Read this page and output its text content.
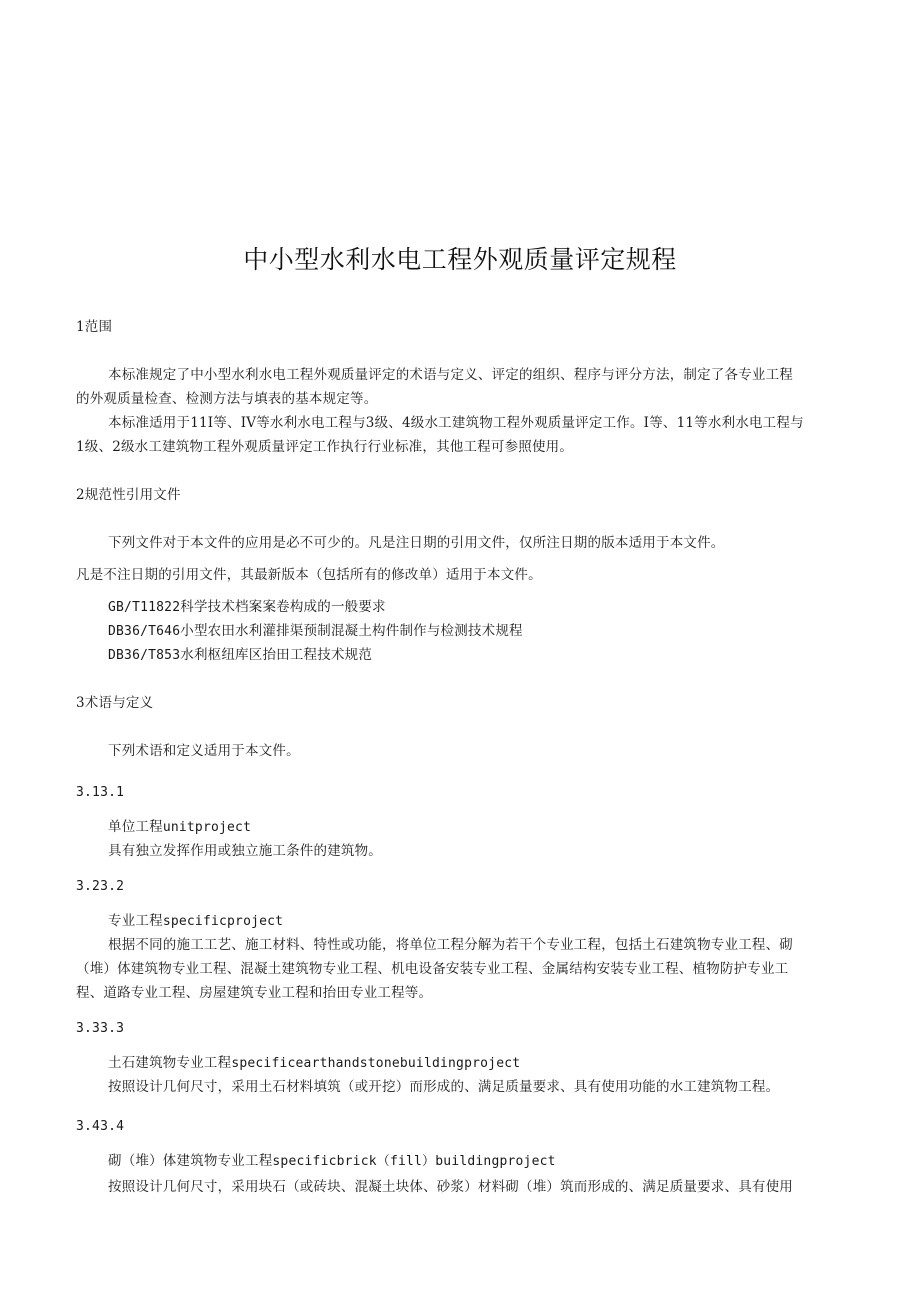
中小型水利水电工程外观质量评定规程
1范围
本标准规定了中小型水利水电工程外观质量评定的术语与定义、评定的组织、程序与评分方法，制定了各专业工程
的外观质量检查、检测方法与填表的基本规定等。
本标准适用于11I等、IV等水利水电工程与3级、4级水工建筑物工程外观质量评定工作。I等、11等水利水电工程与
1级、2级水工建筑物工程外观质量评定工作执行行业标准，其他工程可参照使用。
2规范性引用文件
下列文件对于本文件的应用是必不可少的。凡是注日期的引用文件，仅所注日期的版本适用于本文件。
凡是不注日期的引用文件，其最新版本（包括所有的修改单）适用于本文件。
GB/T11822科学技术档案案卷构成的一般要求
DB36/T646小型农田水利灌排渠预制混凝土构件制作与检测技术规程
DB36/T853水利枢纽库区抬田工程技术规范
3术语与定义
下列术语和定义适用于本文件。
3.13.1
单位工程unitproject
具有独立发挥作用或独立施工条件的建筑物。
3.23.2
专业工程specificproject
根据不同的施工工艺、施工材料、特性或功能，将单位工程分解为若干个专业工程，包括土石建筑物专业工程、砌
（堆）体建筑物专业工程、混凝土建筑物专业工程、机电设备安装专业工程、金属结构安装专业工程、植物防护专业工
程、道路专业工程、房屋建筑专业工程和抬田专业工程等。
3.33.3
土石建筑物专业工程specificearthandstonebuildingproject
按照设计几何尺寸，采用土石材料填筑（或开挖）而形成的、满足质量要求、具有使用功能的水工建筑物工程。
3.43.4
砌（堆）体建筑物专业工程specificbrick（fill）buildingproject
按照设计几何尺寸，采用块石（或砖块、混凝土块体、砂浆）材料砌（堆）筑而形成的、满足质量要求、具有使用
